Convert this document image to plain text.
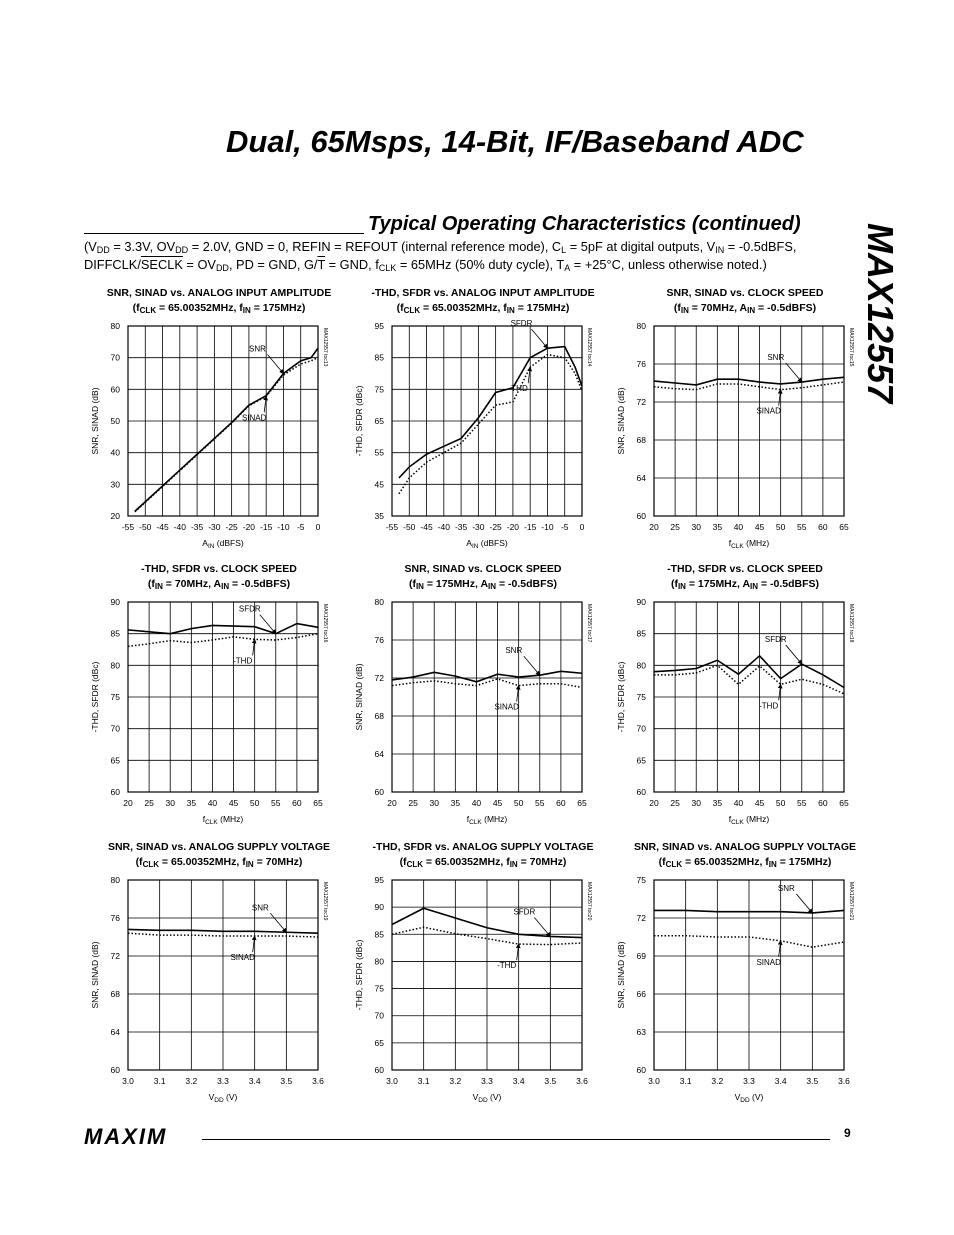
Dual, 65Msps, 14-Bit, IF/Baseband ADC
MAX12557
Typical Operating Characteristics (continued)
($V_{DD} = 3.3V$, $OV_{DD} = 2.0V$, GND = 0, REFIN = REFOUT (internal reference mode), $C_L = 5pF$ at digital outputs, $V_{IN}$ = -0.5dBFS, DIFFCLK/SECLK = $OV_{DD}$, PD = GND, $G/\overline{T}$ = GND, $f_{CLK} = 65MHz$ (50% duty cycle), $T_A = +25^\circ C$, unless otherwise noted.)
SNR, SINAD vs. ANALOG INPUT AMPLITUDE
($f_{CLK} = 65.00352MHz$, $f_{IN} = 175MHz$)
-55 -50 -45 -40 -35 -30 -25 -20 -15 -10 -5 0
20
30
40
50
60
70
80
AIN (dBFS)
SNR, SINAD (dB)
MAX12557 toc13
SNR
SINAD
-THD, SFDR vs. ANALOG INPUT AMPLITUDE
($f_{CLK} = 65.00352MHz$, $f_{IN} = 175MHz$)
-55 -50 -45 -40 -35 -30 -25 -20 -15 -10 -5 0
35
45
55
65
75
85
95
AIN (dBFS)
-THD, SFDR (dBc)
MAX12557 toc14
SFDR
-THD
SNR, SINAD vs. CLOCK SPEED
($f_{IN} = 70MHz$, $A_{IN}$ = -0.5dBFS)
20 25 30 35 40 45 50 55 60 65
60
64
68
72
76
80
fCLK (MHz)
SNR, SINAD (dB)
MAX12557 toc15
SNR
SINAD
-THD, SFDR vs. CLOCK SPEED
($f_{IN} = 70MHz$, $A_{IN}$ = -0.5dBFS)
20 25 30 35 40 45 50 55 60 65
60
65
70
75
80
85
90
fCLK (MHz)
-THD, SFDR (dBc)
MAX12557 toc16
SFDR
-THD
SNR, SINAD vs. CLOCK SPEED
($f_{IN} = 175MHz$, $A_{IN}$ = -0.5dBFS)
20 25 30 35 40 45 50 55 60 65
60
64
68
72
76
80
fCLK (MHz)
SNR, SINAD (dB)
MAX12557 toc17
SNR
SINAD
-THD, SFDR vs. CLOCK SPEED
($f_{IN} = 175MHz$, $A_{IN}$ = -0.5dBFS)
20 25 30 35 40 45 50 55 60 65
60
65
70
75
80
85
90
fCLK (MHz)
-THD, SFDR (dBc)
MAX12557 toc18
SFDR
-THD
SNR, SINAD vs. ANALOG SUPPLY VOLTAGE
($f_{CLK} = 65.00352MHz$, $f_{IN} = 70MHz$)
3.0 3.1 3.2 3.3 3.4 3.5 3.6
60
64
68
72
76
80
VDD (V)
SNR, SINAD (dB)
MAX12557 toc19
SNR
SINAD
-THD, SFDR vs. ANALOG SUPPLY VOLTAGE
($f_{CLK} = 65.00352MHz$, $f_{IN} = 70MHz$)
3.0 3.1 3.2 3.3 3.4 3.5 3.6
60
65
70
75
80
85
90
95
VDD (V)
-THD, SFDR (dBc)
MAX12557 toc20
SFDR
-THD
SNR, SINAD vs. ANALOG SUPPLY VOLTAGE
($f_{CLK} = 65.00352MHz$, $f_{IN} = 175MHz$)
3.0 3.1 3.2 3.3 3.4 3.5 3.6
60
63
66
69
72
75
VDD (V)
SNR, SINAD (dB)
MAX12557 toc21
SNR
SINAD
MAXIM	9
